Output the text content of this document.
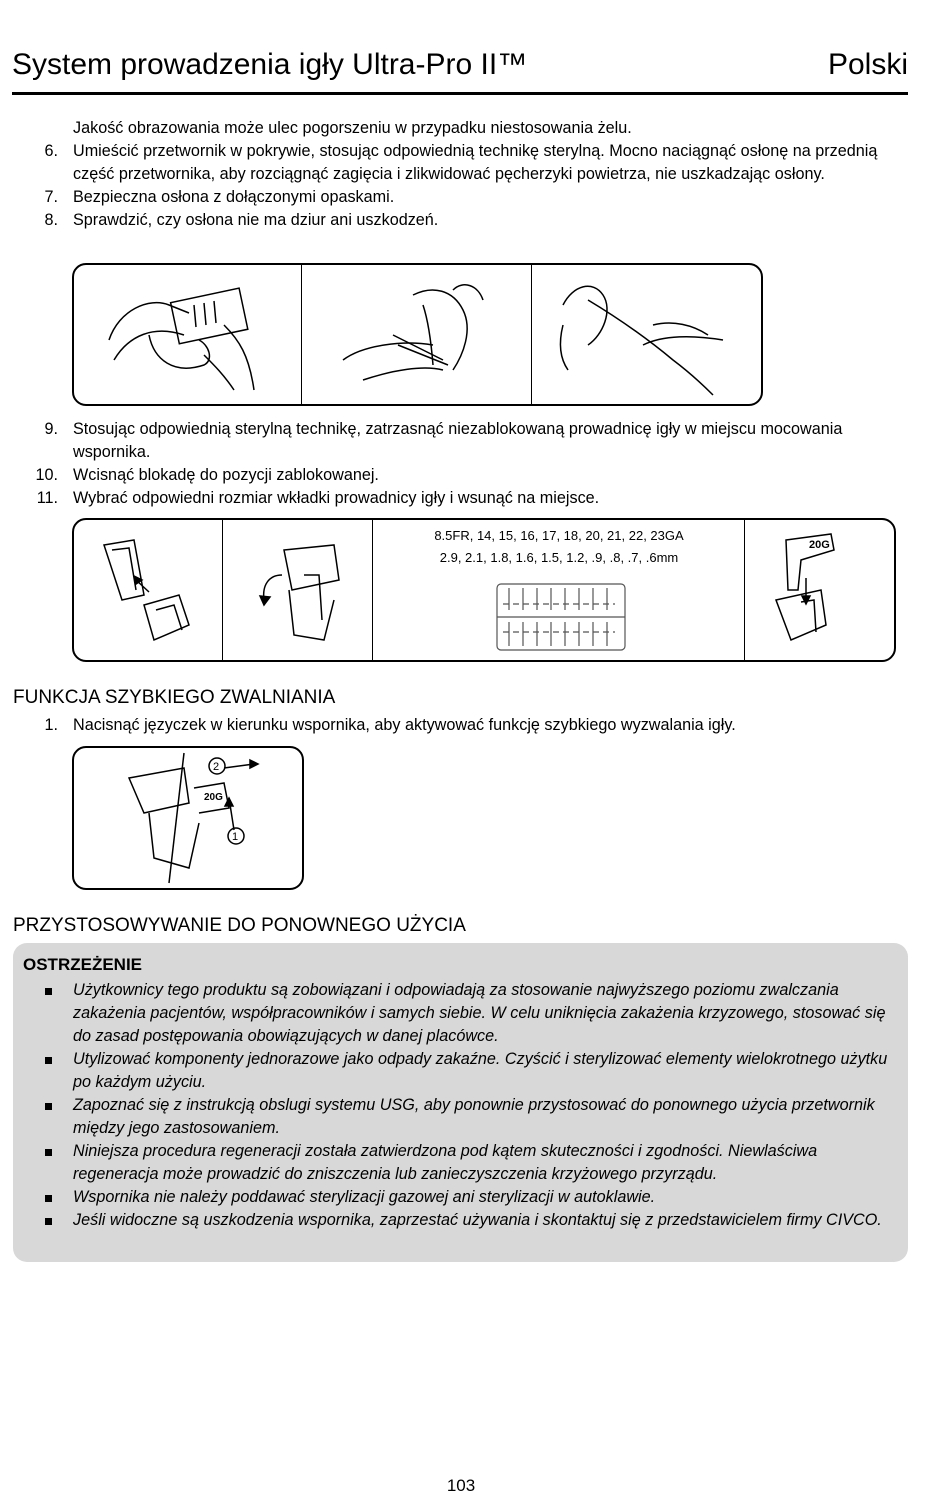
System prowadzenia igły Ultra-Pro II™	Polski
Jakość obrazowania może ulec pogorszeniu w przypadku niestosowania żelu.
6. Umieścić przetwornik w pokrywie, stosując odpowiednią technikę sterylną. Mocno naciągnąć osłonę na przednią część przetwornika, aby rozciągnąć zagięcia i zlikwidować pęcherzyki powietrza, nie uszkadzając osłony.
7. Bezpieczna osłona z dołączonymi opaskami.
8. Sprawdzić, czy osłona nie ma dziur ani uszkodzeń.
9. Stosując odpowiednią sterylną technikę, zatrzasnąć niezablokowaną prowadnicę igły w miejscu mocowania wspornika.
10. Wcisnąć blokadę do pozycji zablokowanej.
11. Wybrać odpowiedni rozmiar wkładki prowadnicy igły i wsunąć na miejsce.
8.5FR, 14, 15, 16, 17, 18, 20, 21, 22, 23GA
2.9, 2.1, 1.8, 1.6, 1.5, 1.2, .9, .8, .7, .6mm
20G
FUNKCJA SZYBKIEGO ZWALNIANIA
1. Nacisnąć języczek w kierunku wspornika, aby aktywować funkcję szybkiego wyzwalania igły.
2
1
20G
PRZYSTOSOWYWANIE DO PONOWNEGO UŻYCIA
OSTRZEŻENIE
Użytkownicy tego produktu są zobowiązani i odpowiadają za stosowanie najwyższego poziomu zwalczania zakażenia pacjentów, współpracowników i samych siebie. W celu uniknięcia zakażenia krzyzowego, stosować się do zasad postępowania obowiązujących w danej placówce.
Utylizować komponenty jednorazowe jako odpady zakaźne. Czyścić i sterylizować elementy wielokrotnego użytku po każdym użyciu.
Zapoznać się z instrukcją obslugi systemu USG, aby ponownie przystosować do ponownego użycia przetwornik między jego zastosowaniem.
Niniejsza procedura regeneracji została zatwierdzona pod kątem skuteczności i zgodności. Niewlaściwa regeneracja może prowadzić do zniszczenia lub zanieczyszczenia krzyżowego przyrządu.
Wspornika nie należy poddawać sterylizacji gazowej ani sterylizacji w autoklawie.
Jeśli widoczne są uszkodzenia wspornika, zaprzestać używania i skontaktuj się z przedstawicielem firmy CIVCO.
103
